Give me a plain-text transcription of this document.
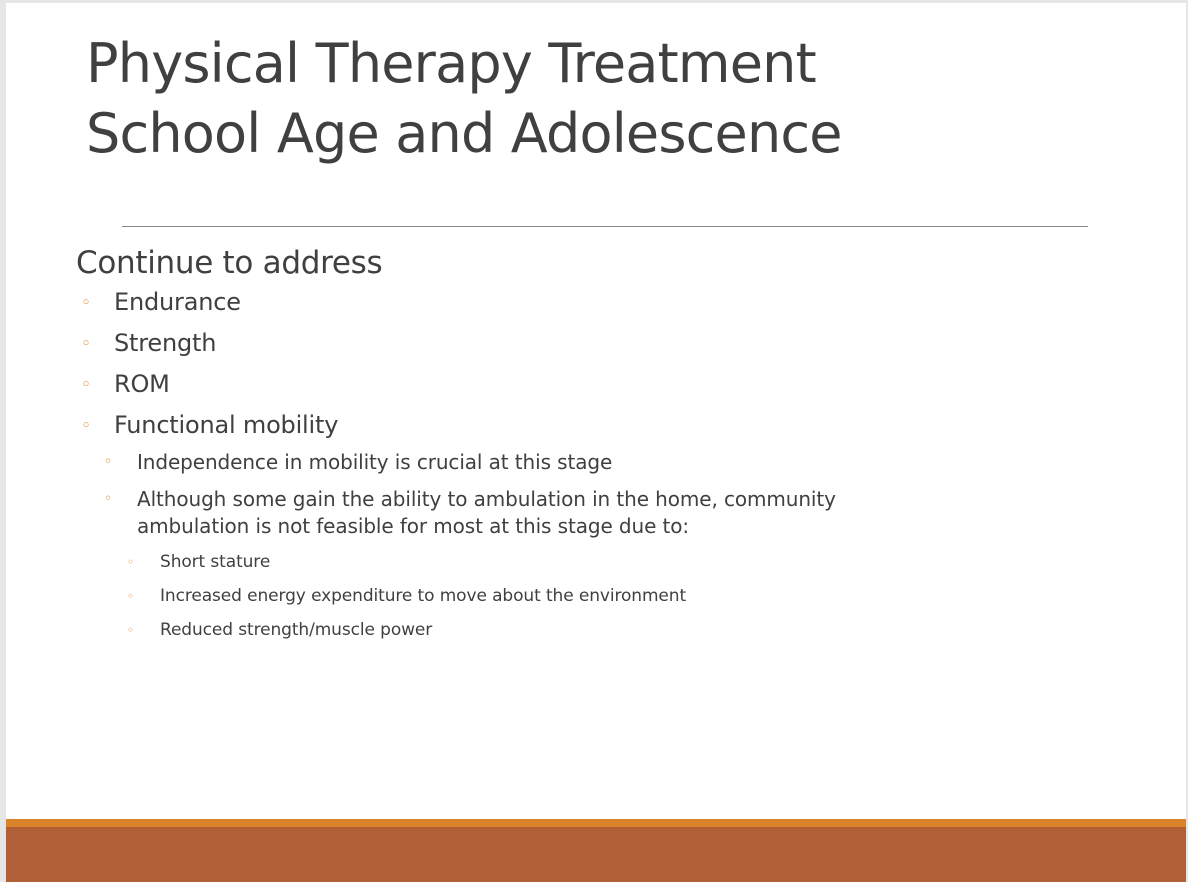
Physical Therapy Treatment
School Age and Adolescence
Continue to address
◦ Endurance
◦ Strength
◦ ROM
◦ Functional mobility
◦ Independence in mobility is crucial at this stage
◦ Although some gain the ability to ambulation in the home, community ambulation is not feasible for most at this stage due to:
◦ Short stature
◦ Increased energy expenditure to move about the environment
◦ Reduced strength/muscle power
